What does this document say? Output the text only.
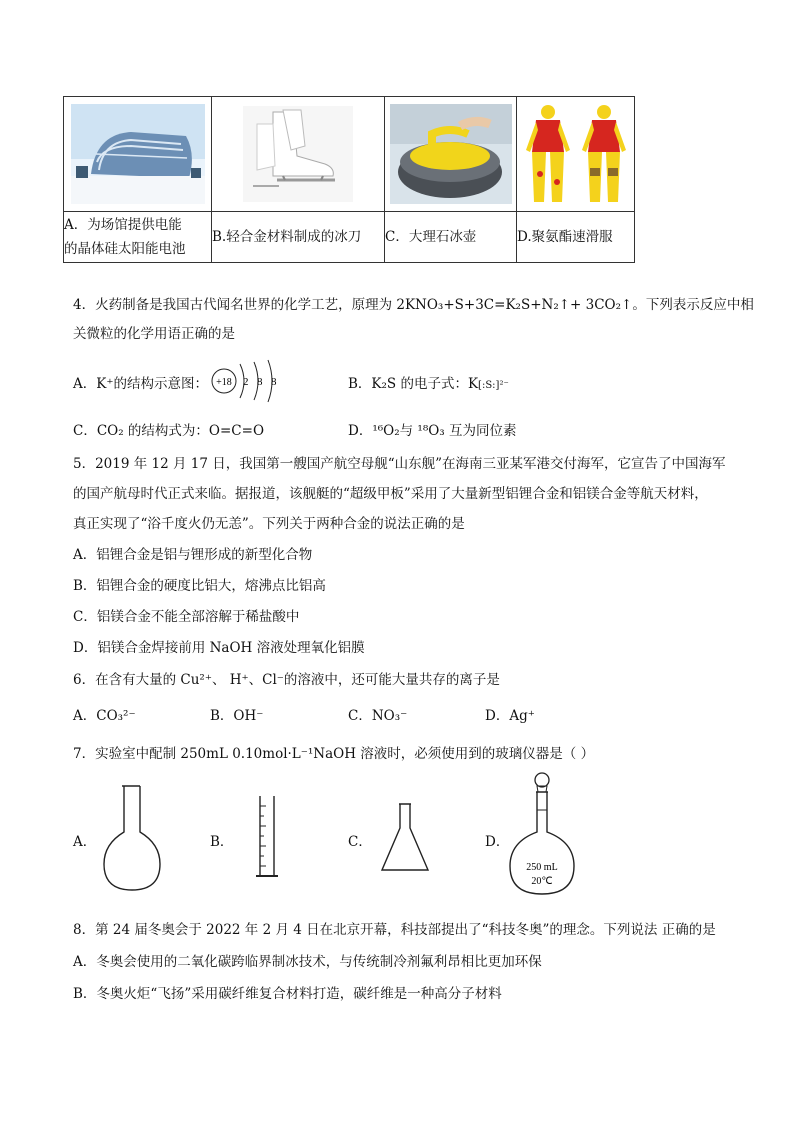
A．为场馆提供电能
的晶体硅太阳能电池	B.轻合金材料制成的冰刀	C．大理石冰壶	D.聚氨酯速滑服
4．火药制备是我国古代闻名世界的化学工艺，原理为 2KNO₃+S+3C=K₂S+N₂↑+ 3CO₂↑。下列表示反应中相
关微粒的化学用语正确的是
A．K⁺的结构示意图： +18 2 8 8	B．K₂S 的电子式：K[:S:]²⁻
C．CO₂ 的结构式为：O=C=O	D．¹⁶O₂与 ¹⁸O₃ 互为同位素
5．2019 年 12 月 17 日，我国第一艘国产航空母舰“山东舰”在海南三亚某军港交付海军，它宣告了中国海军
的国产航母时代正式来临。据报道，该舰艇的“超级甲板”采用了大量新型铝锂合金和铝镁合金等航天材料，
真正实现了“浴千度火仍无恙”。下列关于两种合金的说法正确的是
A．铝锂合金是铝与锂形成的新型化合物
B．铝锂合金的硬度比铝大，熔沸点比铝高
C．铝镁合金不能全部溶解于稀盐酸中
D．铝镁合金焊接前用 NaOH 溶液处理氧化铝膜
6．在含有大量的 Cu²⁺、 H⁺、Cl⁻的溶液中，还可能大量共存的离子是
A．CO₃²⁻	B．OH⁻	C．NO₃⁻	D．Ag⁺
7．实验室中配制 250mL 0.10mol·L⁻¹NaOH 溶液时，必须使用到的玻璃仪器是（ ）
A．	B．	C．	D．
250 mL
20℃
8．第 24 届冬奥会于 2022 年 2 月 4 日在北京开幕，科技部提出了“科技冬奥”的理念。下列说法 正确的是
A．冬奥会使用的二氧化碳跨临界制冰技术，与传统制冷剂氟利昂相比更加环保
B．冬奥火炬“飞扬”采用碳纤维复合材料打造，碳纤维是一种高分子材料
